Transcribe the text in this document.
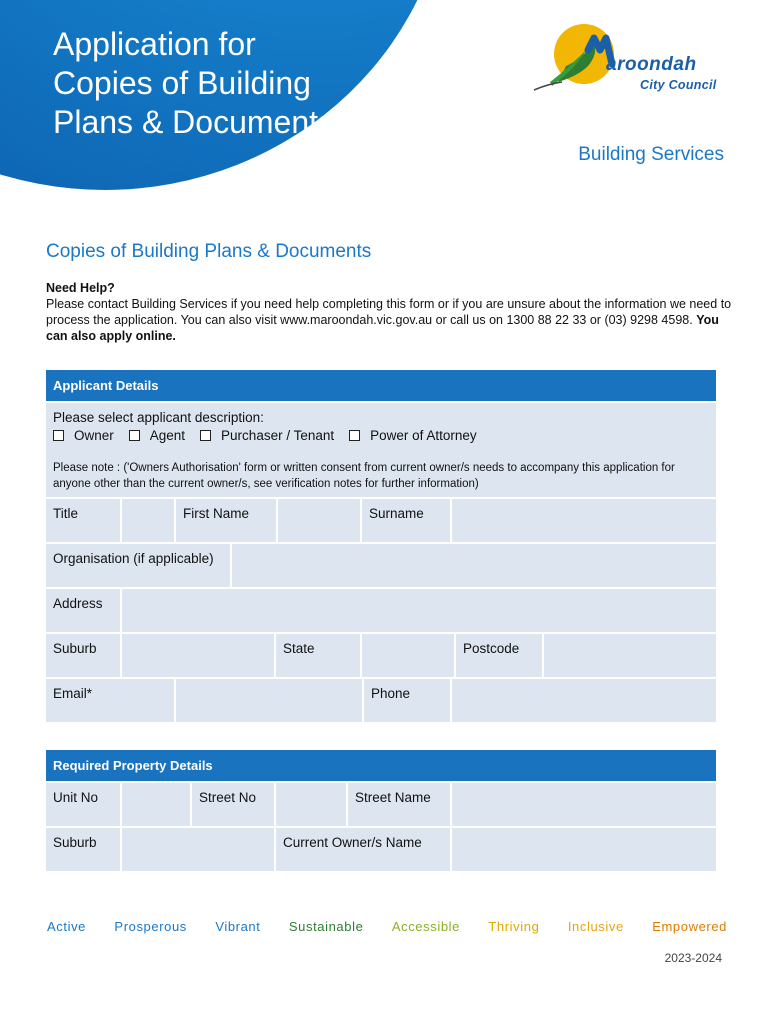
Application for
Copies of Building
Plans & Documents
aroondah
City Council
Building Services
Copies of Building Plans & Documents
Need Help?
Please contact Building Services if you need help completing this form or if you are unsure about the information we need to process the application. You can also visit www.maroondah.vic.gov.au or call us on 1300 88 22 33 or (03) 9298 4598. You can also apply online.
Applicant Details
Please select applicant description:
Owner	Agent	Purchaser / Tenant	Power of Attorney
Please note : ('Owners Authorisation' form or written consent from current owner/s needs to accompany this application for anyone other than the current owner/s, see verification notes for further information)
Title	First Name	Surname
Organisation (if applicable)
Address
Suburb	State	Postcode
Email*	Phone
Required Property Details
Unit No	Street No	Street Name
Suburb	Current Owner/s Name
Active Prosperous Vibrant Sustainable Accessible Thriving Inclusive Empowered
2023-2024
